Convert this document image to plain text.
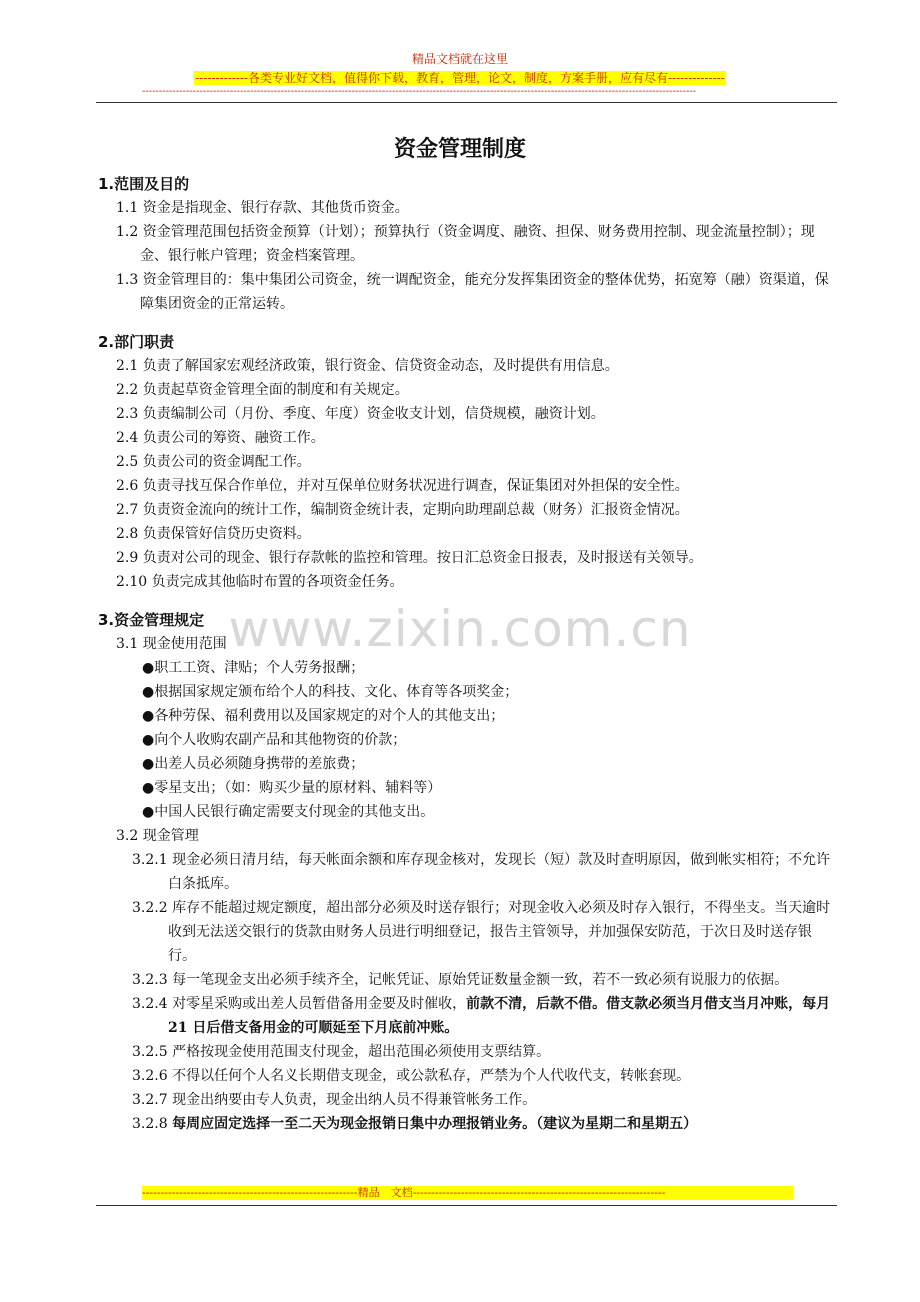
精品文档就在这里
-------------各类专业好文档，值得你下载，教育，管理，论文，制度，方案手册，应有尽有--------------
--------------------------------------------------------------------------------------------------------------------------------------------------------------------
资金管理制度
www.zixin.com.cn
1.范围及目的
1.1 资金是指现金、银行存款、其他货币资金。
1.2 资金管理范围包括资金预算（计划）；预算执行（资金调度、融资、担保、财务费用控制、现金流量控制）；现金、银行帐户管理；资金档案管理。
1.3 资金管理目的：集中集团公司资金，统一调配资金，能充分发挥集团资金的整体优势，拓宽筹（融）资渠道，保障集团资金的正常运转。
2.部门职责
2.1 负责了解国家宏观经济政策，银行资金、信贷资金动态，及时提供有用信息。
2.2 负责起草资金管理全面的制度和有关规定。
2.3 负责编制公司（月份、季度、年度）资金收支计划，信贷规模，融资计划。
2.4 负责公司的筹资、融资工作。
2.5 负责公司的资金调配工作。
2.6 负责寻找互保合作单位，并对互保单位财务状况进行调查，保证集团对外担保的安全性。
2.7 负责资金流向的统计工作，编制资金统计表，定期向助理副总裁（财务）汇报资金情况。
2.8 负责保管好信贷历史资料。
2.9 负责对公司的现金、银行存款帐的监控和管理。按日汇总资金日报表，及时报送有关领导。
2.10 负责完成其他临时布置的各项资金任务。
3.资金管理规定
3.1 现金使用范围
●职工工资、津贴；个人劳务报酬；
●根据国家规定颁布给个人的科技、文化、体育等各项奖金；
●各种劳保、福利费用以及国家规定的对个人的其他支出；
●向个人收购农副产品和其他物资的价款；
●出差人员必须随身携带的差旅费；
●零星支出；（如：购买少量的原材料、辅料等）
●中国人民银行确定需要支付现金的其他支出。
3.2 现金管理
3.2.1 现金必须日清月结，每天帐面余额和库存现金核对，发现长（短）款及时查明原因，做到帐实相符；不允许白条抵库。
3.2.2 库存不能超过规定额度，超出部分必须及时送存银行；对现金收入必须及时存入银行，不得坐支。当天逾时收到无法送交银行的货款由财务人员进行明细登记，报告主管领导，并加强保安防范，于次日及时送存银行。
3.2.3 每一笔现金支出必须手续齐全，记帐凭证、原始凭证数量金额一致，若不一致必须有说服力的依据。
3.2.4 对零星采购或出差人员暂借备用金要及时催收，前款不清，后款不借。借支款必须当月借支当月冲账，每月 21 日后借支备用金的可顺延至下月底前冲账。
3.2.5 严格按现金使用范围支付现金，超出范围必须使用支票结算。
3.2.6 不得以任何个人名义长期借支现金，或公款私存，严禁为个人代收代支，转帐套现。
3.2.7 现金出纳要由专人负责，现金出纳人员不得兼管帐务工作。
3.2.8 每周应固定选择一至二天为现金报销日集中办理报销业务。（建议为星期二和星期五）
----------------------------------------------------------精品　文档--------------------------------------------------------------------
